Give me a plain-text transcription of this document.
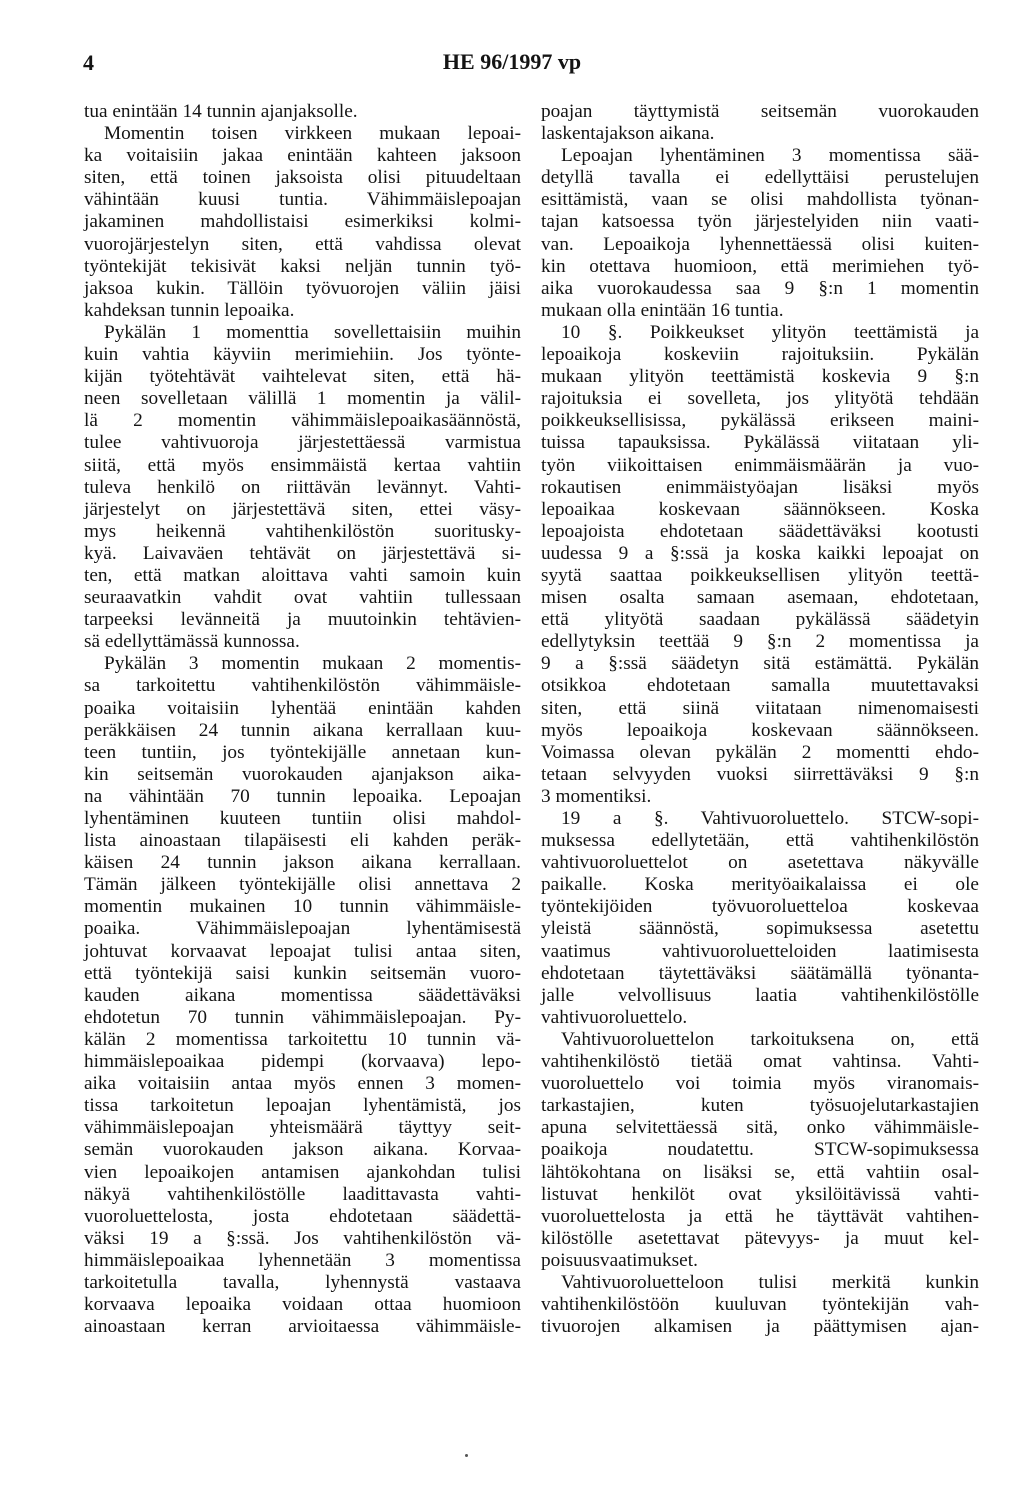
4	HE 96/1997 vp
tua enintään 14 tunnin ajanjaksolle.
Momentin toisen virkkeen mukaan lepoai-
ka voitaisiin jakaa enintään kahteen jaksoon
siten, että toinen jaksoista olisi pituudeltaan
vähintään kuusi tuntia. Vähimmäislepoajan
jakaminen mahdollistaisi esimerkiksi kolmi-
vuorojärjestelyn siten, että vahdissa olevat
työntekijät tekisivät kaksi neljän tunnin työ-
jaksoa kukin. Tällöin työvuorojen väliin jäisi
kahdeksan tunnin lepoaika.
Pykälän 1 momenttia sovellettaisiin muihin
kuin vahtia käyviin merimiehiin. Jos työnte-
kijän työtehtävät vaihtelevat siten, että hä-
neen sovelletaan välillä 1 momentin ja välil-
lä 2 momentin vähimmäislepoaikasäännöstä,
tulee vahtivuoroja järjestettäessä varmistua
siitä, että myös ensimmäistä kertaa vahtiin
tuleva henkilö on riittävän levännyt. Vahti-
järjestelyt on järjestettävä siten, ettei väsy-
mys heikennä vahtihenkilöstön suoritusky-
kyä. Laivaväen tehtävät on järjestettävä si-
ten, että matkan aloittava vahti samoin kuin
seuraavatkin vahdit ovat vahtiin tullessaan
tarpeeksi levänneitä ja muutoinkin tehtävien-
sä edellyttämässä kunnossa.
Pykälän 3 momentin mukaan 2 momentis-
sa tarkoitettu vahtihenkilöstön vähimmäisle-
poaika voitaisiin lyhentää enintään kahden
peräkkäisen 24 tunnin aikana kerrallaan kuu-
teen tuntiin, jos työntekijälle annetaan kun-
kin seitsemän vuorokauden ajanjakson aika-
na vähintään 70 tunnin lepoaika. Lepoajan
lyhentäminen kuuteen tuntiin olisi mahdol-
lista ainoastaan tilapäisesti eli kahden peräk-
käisen 24 tunnin jakson aikana kerrallaan.
Tämän jälkeen työntekijälle olisi annettava 2
momentin mukainen 10 tunnin vähimmäisle-
poaika. Vähimmäislepoajan lyhentämisestä
johtuvat korvaavat lepoajat tulisi antaa siten,
että työntekijä saisi kunkin seitsemän vuoro-
kauden aikana momentissa säädettäväksi
ehdotetun 70 tunnin vähimmäislepoajan. Py-
kälän 2 momentissa tarkoitettu 10 tunnin vä-
himmäislepoaikaa pidempi (korvaava) lepo-
aika voitaisiin antaa myös ennen 3 momen-
tissa tarkoitetun lepoajan lyhentämistä, jos
vähimmäislepoajan yhteismäärä täyttyy seit-
semän vuorokauden jakson aikana. Korvaa-
vien lepoaikojen antamisen ajankohdan tulisi
näkyä vahtihenkilöstölle laadittavasta vahti-
vuoroluettelosta, josta ehdotetaan säädettä-
väksi 19 a §:ssä. Jos vahtihenkilöstön vä-
himmäislepoaikaa lyhennetään 3 momentissa
tarkoitetulla tavalla, lyhennystä vastaava
korvaava lepoaika voidaan ottaa huomioon
ainoastaan kerran arvioitaessa vähimmäisle-
poajan täyttymistä seitsemän vuorokauden
laskentajakson aikana.
Lepoajan lyhentäminen 3 momentissa sää-
detyllä tavalla ei edellyttäisi perustelujen
esittämistä, vaan se olisi mahdollista työnan-
tajan katsoessa työn järjestelyiden niin vaati-
van. Lepoaikoja lyhennettäessä olisi kuiten-
kin otettava huomioon, että merimiehen työ-
aika vuorokaudessa saa 9 §:n 1 momentin
mukaan olla enintään 16 tuntia.
10 §. Poikkeukset ylityön teettämistä ja
lepoaikoja koskeviin rajoituksiin. Pykälän
mukaan ylityön teettämistä koskevia 9 §:n
rajoituksia ei sovelleta, jos ylityötä tehdään
poikkeuksellisissa, pykälässä erikseen maini-
tuissa tapauksissa. Pykälässä viitataan yli-
työn viikoittaisen enimmäismäärän ja vuo-
rokautisen enimmäistyöajan lisäksi myös
lepoaikaa koskevaan säännökseen. Koska
lepoajoista ehdotetaan säädettäväksi kootusti
uudessa 9 a §:ssä ja koska kaikki lepoajat on
syytä saattaa poikkeuksellisen ylityön teettä-
misen osalta samaan asemaan, ehdotetaan,
että ylityötä saadaan pykälässä säädetyin
edellytyksin teettää 9 §:n 2 momentissa ja
9 a §:ssä säädetyn sitä estämättä. Pykälän
otsikkoa ehdotetaan samalla muutettavaksi
siten, että siinä viitataan nimenomaisesti
myös lepoaikoja koskevaan säännökseen.
Voimassa olevan pykälän 2 momentti ehdo-
tetaan selvyyden vuoksi siirrettäväksi 9 §:n
3 momentiksi.
19 a §. Vahtivuoroluettelo. STCW-sopi-
muksessa edellytetään, että vahtihenkilöstön
vahtivuoroluettelot on asetettava näkyvälle
paikalle. Koska merityöaikalaissa ei ole
työntekijöiden työvuoroluetteloa koskevaa
yleistä säännöstä, sopimuksessa asetettu
vaatimus vahtivuoroluetteloiden laatimisesta
ehdotetaan täytettäväksi säätämällä työnanta-
jalle velvollisuus laatia vahtihenkilöstölle
vahtivuoroluettelo.
Vahtivuoroluettelon tarkoituksena on, että
vahtihenkilöstö tietää omat vahtinsa. Vahti-
vuoroluettelo voi toimia myös viranomais-
tarkastajien, kuten työsuojelutarkastajien
apuna selvitettäessä sitä, onko vähimmäisle-
poaikoja noudatettu. STCW-sopimuksessa
lähtökohtana on lisäksi se, että vahtiin osal-
listuvat henkilöt ovat yksilöitävissä vahti-
vuoroluettelosta ja että he täyttävät vahtihen-
kilöstölle asetettavat pätevyys- ja muut kel-
poisuusvaatimukset.
Vahtivuoroluetteloon tulisi merkitä kunkin
vahtihenkilöstöön kuuluvan työntekijän vah-
tivuorojen alkamisen ja päättymisen ajan-
